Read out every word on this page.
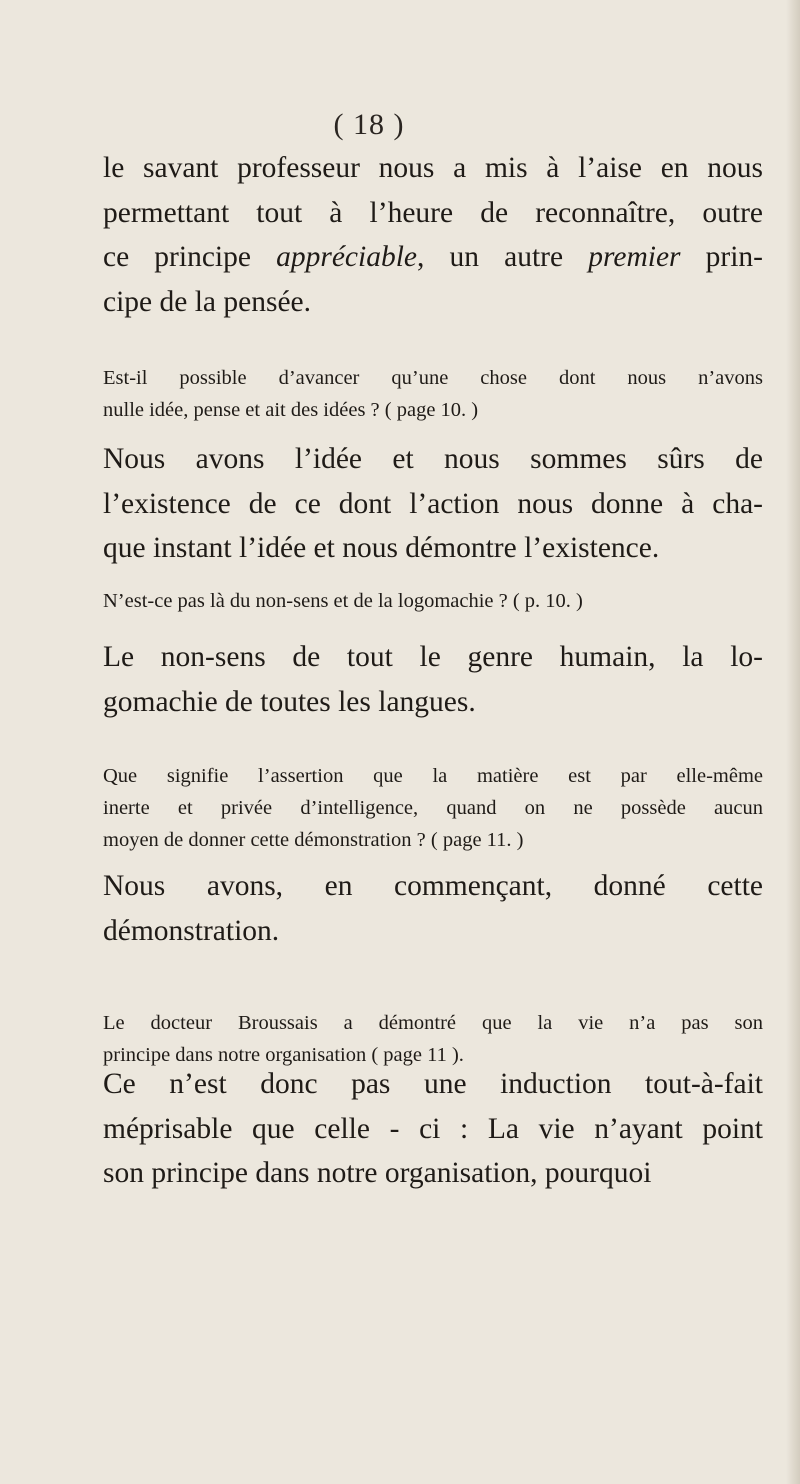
( 18 )
le savant professeur nous a mis à l’aise en nous
permettant tout à l’heure de reconnaître, outre
ce principe appréciable, un autre premier prin-
cipe de la pensée.
Est-il possible d’avancer qu’une chose dont nous n’avons
nulle idée, pense et ait des idées ? ( page 10. )
Nous avons l’idée et nous sommes sûrs de
l’existence de ce dont l’action nous donne à cha-
que instant l’idée et nous démontre l’existence.
N’est-ce pas là du non-sens et de la logomachie ? ( p. 10. )
Le non-sens de tout le genre humain, la lo-
gomachie de toutes les langues.
Que signifie l’assertion que la matière est par elle-même
inerte et privée d’intelligence, quand on ne possède aucun
moyen de donner cette démonstration ? ( page 11. )
Nous avons, en commençant, donné cette
démonstration.
Le docteur Broussais a démontré que la vie n’a pas son
principe dans notre organisation ( page 11 ).
Ce n’est donc pas une induction tout-à-fait
méprisable que celle - ci : La vie n’ayant point
son principe dans notre organisation, pourquoi
